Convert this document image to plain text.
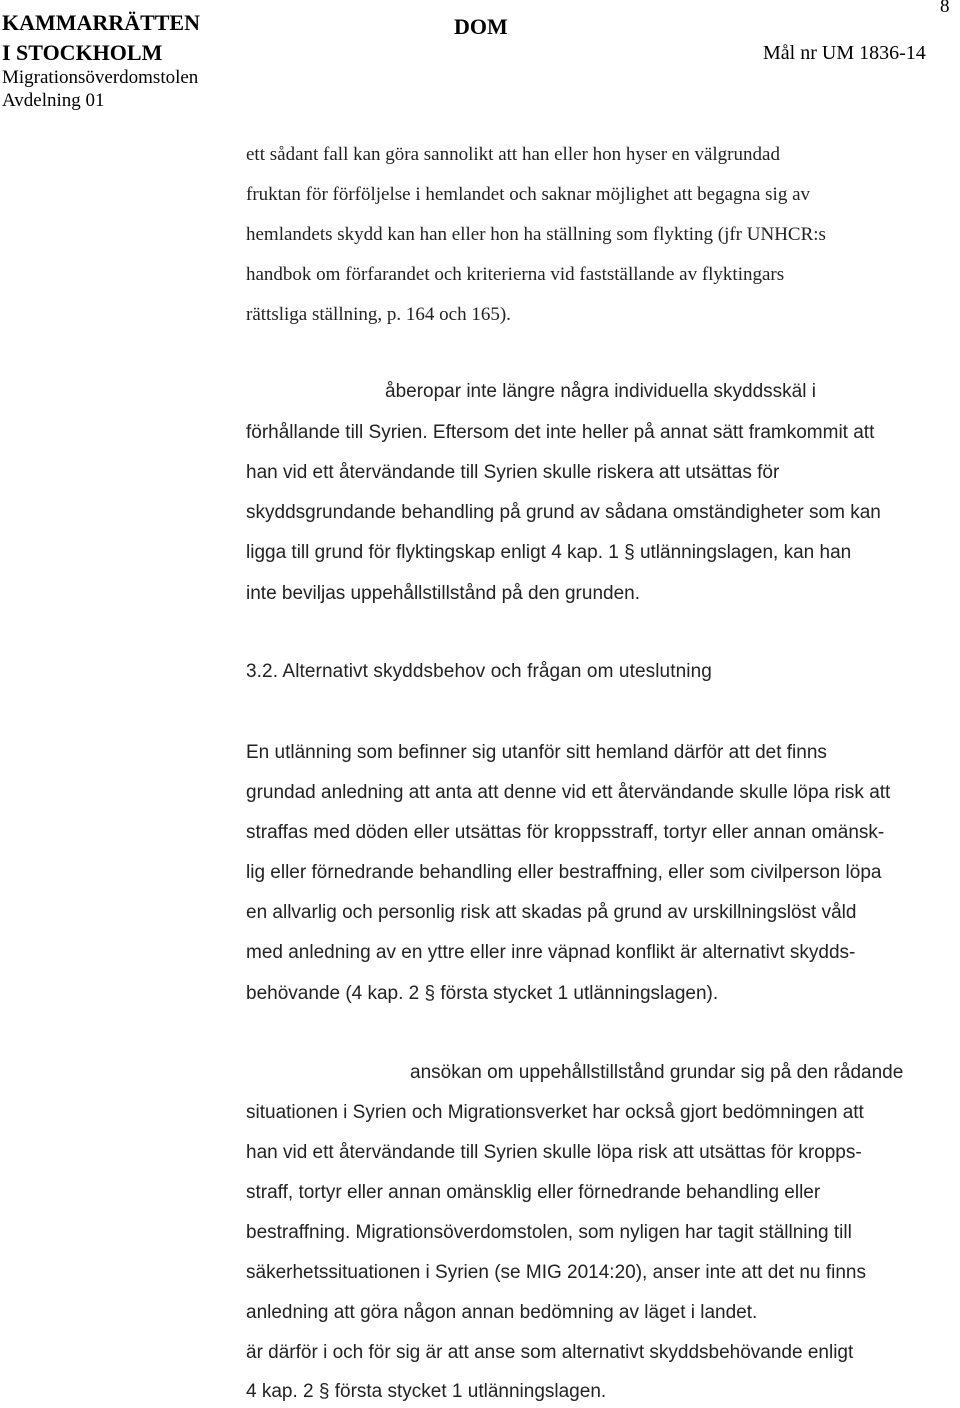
KAMMARRÄTTEN
I STOCKHOLM
Migrationsöverdomstolen
Avdelning 01
DOM
8
Mål nr UM 1836-14
ett sådant fall kan göra sannolikt att han eller hon hyser en välgrundad
fruktan för förföljelse i hemlandet och saknar möjlighet att begagna sig av
hemlandets skydd kan han eller hon ha ställning som flykting (jfr UNHCR:s
handbok om förfarandet och kriterierna vid fastställande av flyktingars
rättsliga ställning, p. 164 och 165).
åberopar inte längre några individuella skyddsskäl i
förhållande till Syrien. Eftersom det inte heller på annat sätt framkommit att
han vid ett återvändande till Syrien skulle riskera att utsättas för
skyddsgrundande behandling på grund av sådana omständigheter som kan
ligga till grund för flyktingskap enligt 4 kap. 1 § utlänningslagen, kan han
inte beviljas uppehållstillstånd på den grunden.
3.2. Alternativt skyddsbehov och frågan om uteslutning
En utlänning som befinner sig utanför sitt hemland därför att det finns
grundad anledning att anta att denne vid ett återvändande skulle löpa risk att
straffas med döden eller utsättas för kroppsstraff, tortyr eller annan omänsk-
lig eller förnedrande behandling eller bestraffning, eller som civilperson löpa
en allvarlig och personlig risk att skadas på grund av urskillningslöst våld
med anledning av en yttre eller inre väpnad konflikt är alternativt skydds-
behövande (4 kap. 2 § första stycket 1 utlänningslagen).
ansökan om uppehållstillstånd grundar sig på den rådande
situationen i Syrien och Migrationsverket har också gjort bedömningen att
han vid ett återvändande till Syrien skulle löpa risk att utsättas för kropps-
straff, tortyr eller annan omänsklig eller förnedrande behandling eller
bestraffning. Migrationsöverdomstolen, som nyligen har tagit ställning till
säkerhetssituationen i Syrien (se MIG 2014:20), anser inte att det nu finns
anledning att göra någon annan bedömning av läget i landet.
är därför i och för sig är att anse som alternativt skyddsbehövande enligt
4 kap. 2 § första stycket 1 utlänningslagen.
